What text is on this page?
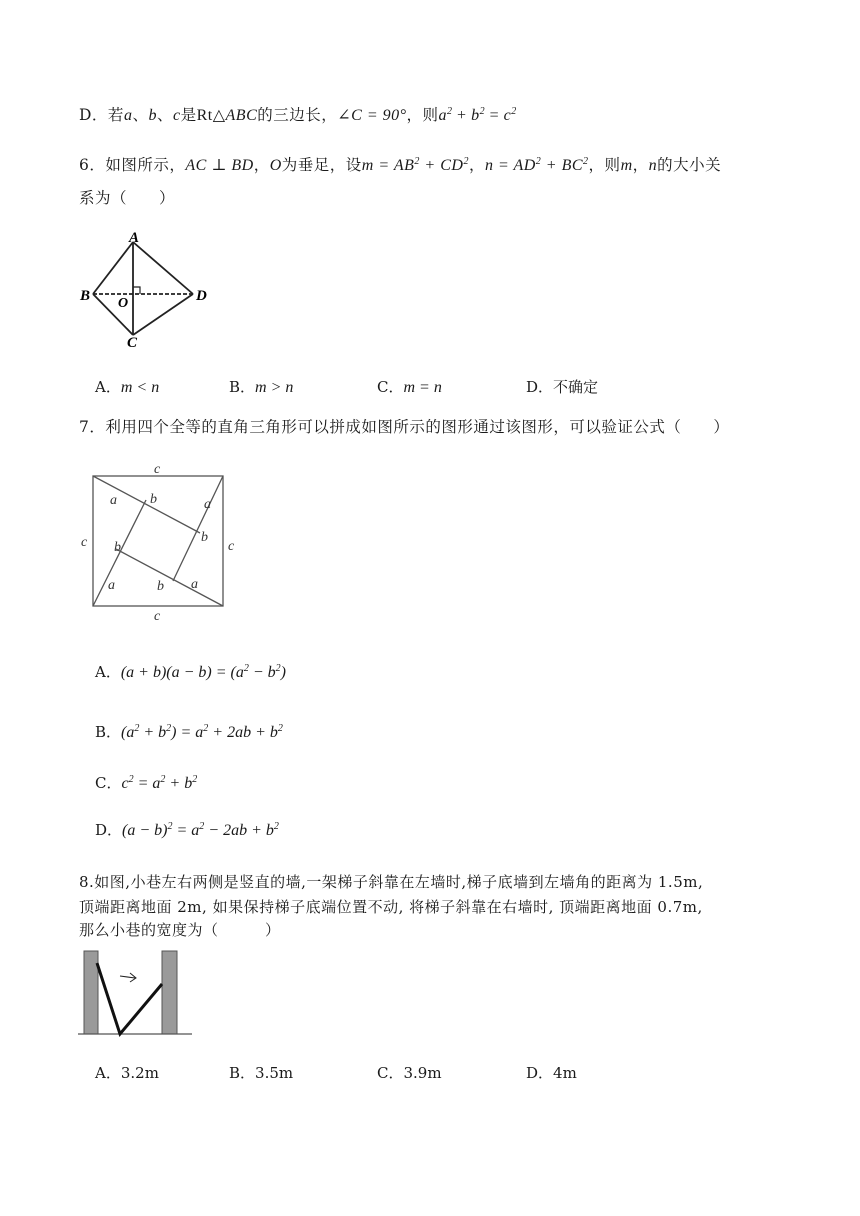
D．若a、b、c是Rt△ABC的三边长，∠C = 90°，则$a^2 + b^2 = c^2$
6．如图所示，AC ⊥ BD，O为垂足，设$m = AB^2 + CD^2$，$n = AD^2 + BC^2$，则m，n的大小关
系为（　　）
A
B	D
C
O
A．m < n	B．m > n	C．m = n	D．不确定
7．利用四个全等的直角三角形可以拼成如图所示的图形通过该图形，可以验证公式（　　）
c
c
c	c
a b	a
b
a
b
a
b
A．$(a + b)(a - b) = (a^2 - b^2)$
B．$(a^2 + b^2) = a^2 + 2ab + b^2$
C．$c^2 = a^2 + b^2$
D．$(a - b)^2 = a^2 - 2ab + b^2$
8.如图,小巷左右两侧是竖直的墙,一架梯子斜靠在左墙时,梯子底墙到左墙角的距离为 1.5m,
顶端距离地面 2m, 如果保持梯子底端位置不动, 将梯子斜靠在右墙时, 顶端距离地面 0.7m,
那么小巷的宽度为（　　　）
A．3.2m	B．3.5m	C．3.9m	D．4m
